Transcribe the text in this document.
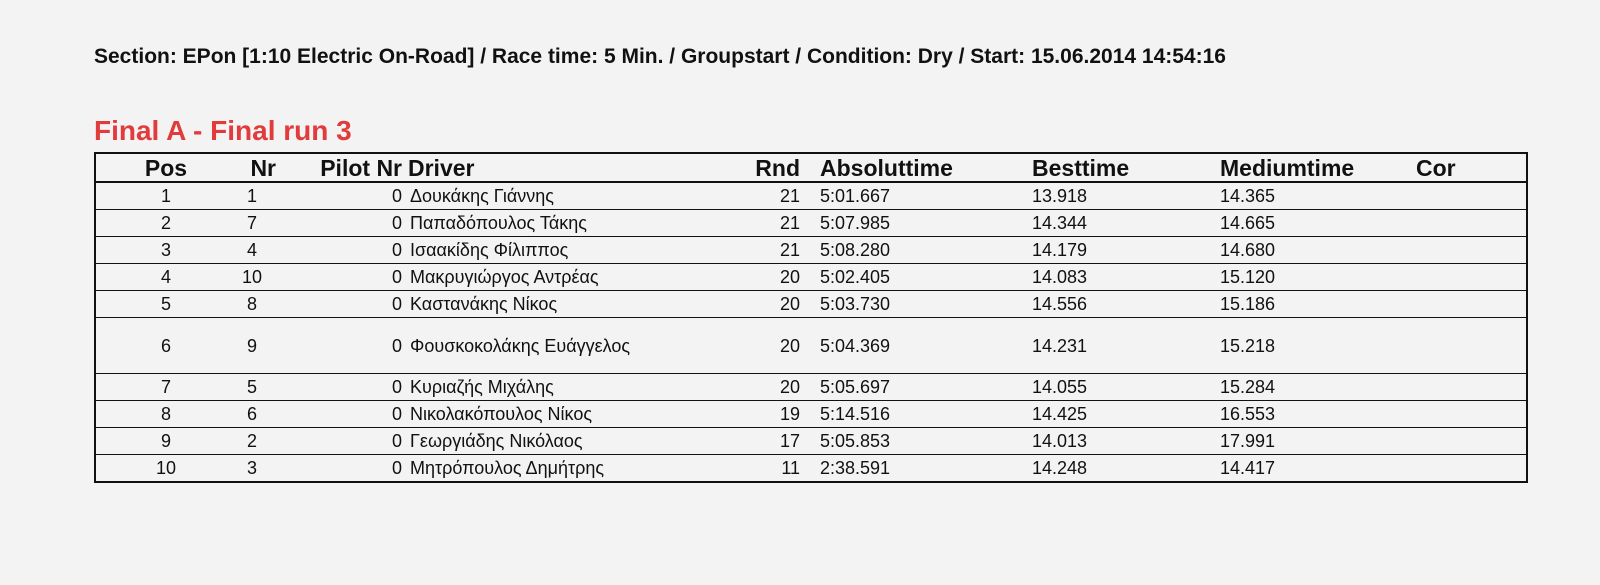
Section: EPon [1:10 Electric On-Road] / Race time: 5 Min. / Groupstart / Condition: Dry / Start: 15.06.2014 14:54:16
Final A - Final run 3
Pos	Nr	Pilot Nr	Driver	Rnd	Absoluttime	Besttime	Mediumtime	Cor
1	1	0	Δουκάκης Γιάννης	21	5:01.667	13.918	14.365	
2	7	0	Παπαδόπουλος Τάκης	21	5:07.985	14.344	14.665	
3	4	0	Ισαακίδης Φίλιππος	21	5:08.280	14.179	14.680	
4	10	0	Μακρυγιώργος Αντρέας	20	5:02.405	14.083	15.120	
5	8	0	Καστανάκης Νίκος	20	5:03.730	14.556	15.186	
6	9	0	Φουσκοκολάκης Ευάγγελος	20	5:04.369	14.231	15.218	
7	5	0	Κυριαζής Μιχάλης	20	5:05.697	14.055	15.284	
8	6	0	Νικολακόπουλος Νίκος	19	5:14.516	14.425	16.553	
9	2	0	Γεωργιάδης Νικόλαος	17	5:05.853	14.013	17.991	
10	3	0	Μητρόπουλος Δημήτρης	11	2:38.591	14.248	14.417	
